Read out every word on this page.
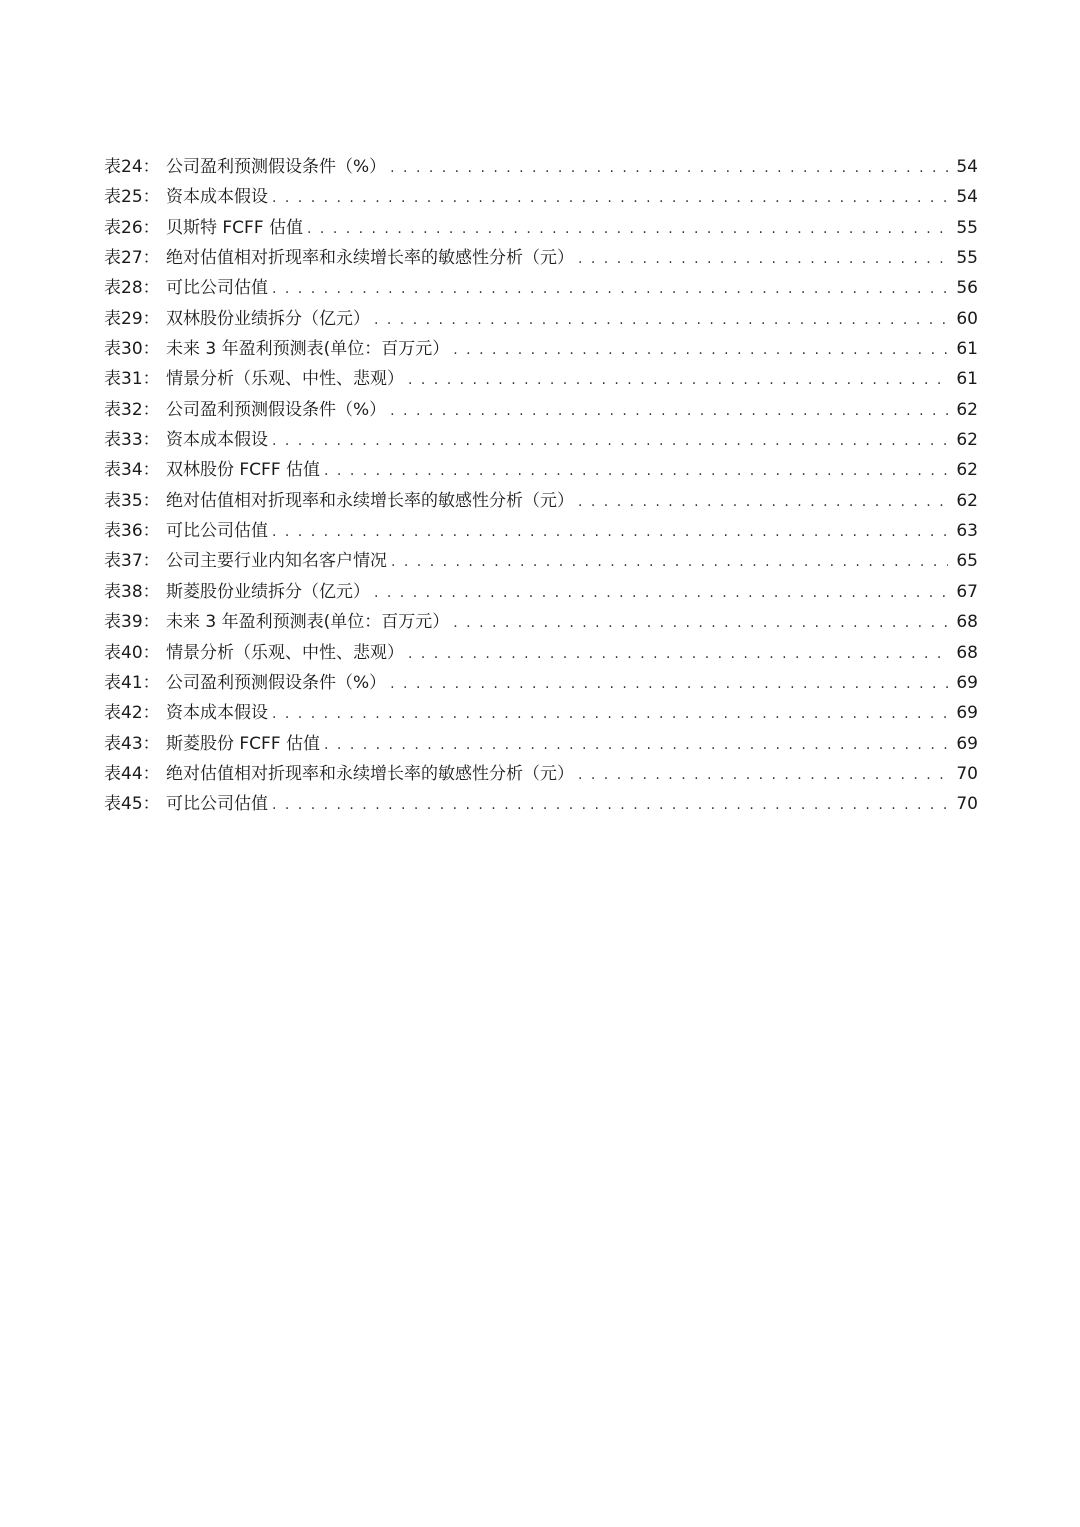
表24： 公司盈利预测假设条件（%） . . .	54
表25： 资本成本假设 . . .	54
表26： 贝斯特 FCFF 估值 . . .	55
表27： 绝对估值相对折现率和永续增长率的敏感性分析（元） . . .	55
表28： 可比公司估值 . . .	56
表29： 双林股份业绩拆分（亿元） . . .	60
表30： 未来 3 年盈利预测表(单位：百万元） . . .	61
表31： 情景分析（乐观、中性、悲观） . . .	61
表32： 公司盈利预测假设条件（%） . . .	62
表33： 资本成本假设 . . .	62
表34： 双林股份 FCFF 估值 . . .	62
表35： 绝对估值相对折现率和永续增长率的敏感性分析（元） . . .	62
表36： 可比公司估值 . . .	63
表37： 公司主要行业内知名客户情况 . . .	65
表38： 斯菱股份业绩拆分（亿元） . . .	67
表39： 未来 3 年盈利预测表(单位：百万元） . . .	68
表40： 情景分析（乐观、中性、悲观） . . .	68
表41： 公司盈利预测假设条件（%） . . .	69
表42： 资本成本假设 . . .	69
表43： 斯菱股份 FCFF 估值 . . .	69
表44： 绝对估值相对折现率和永续增长率的敏感性分析（元） . . .	70
表45： 可比公司估值 . . .	70
